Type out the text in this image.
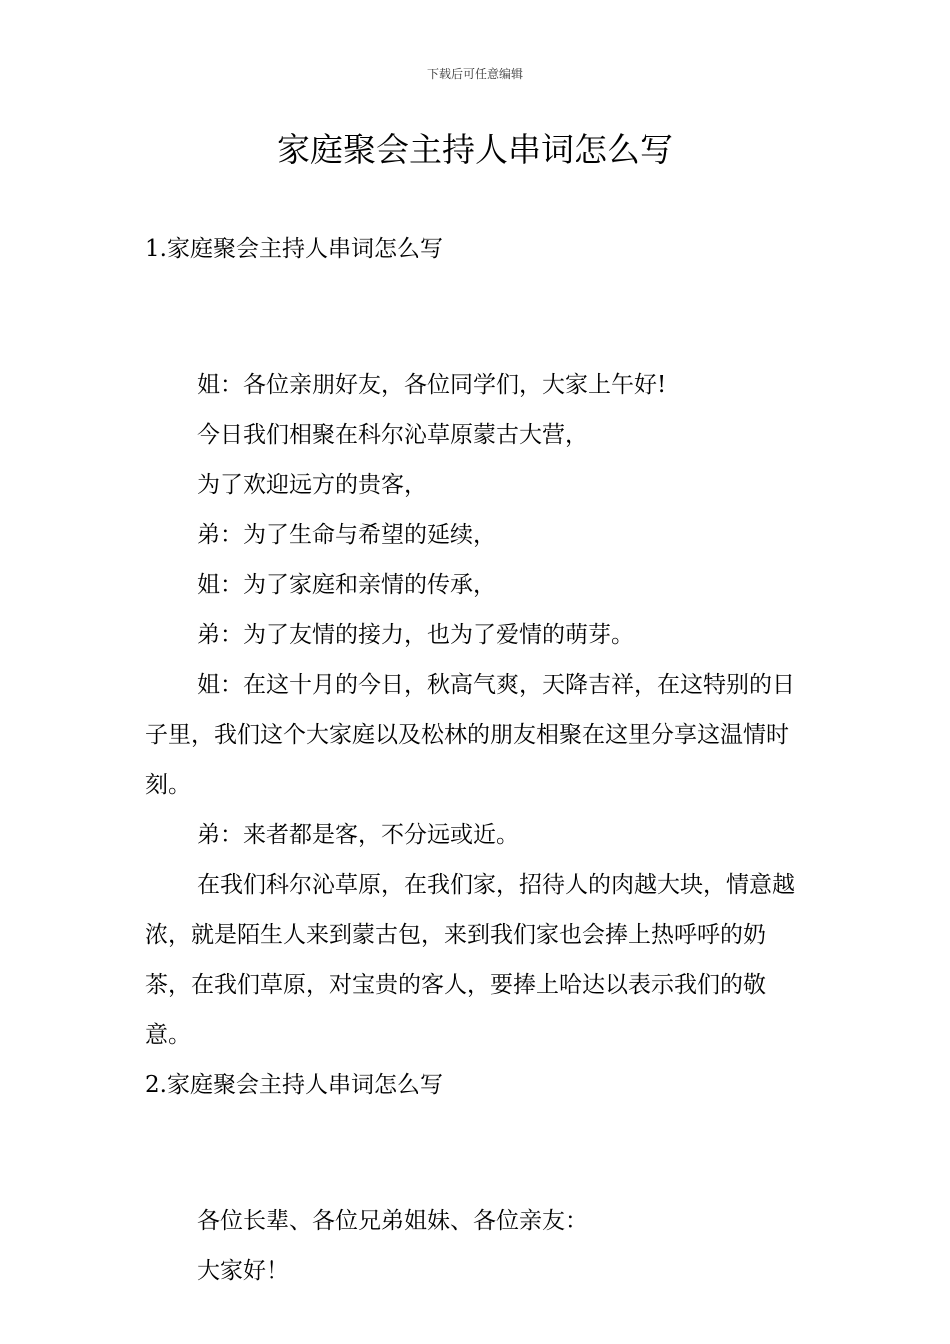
下载后可任意编辑
家庭聚会主持人串词怎么写

1.家庭聚会主持人串词怎么写

姐：各位亲朋好友，各位同学们，大家上午好!

今日我们相聚在科尔沁草原蒙古大营，

为了欢迎远方的贵客，

弟：为了生命与希望的延续，

姐：为了家庭和亲情的传承，

弟：为了友情的接力，也为了爱情的萌芽。

姐：在这十月的今日，秋高气爽，天降吉祥，在这特别的日子里，我们这个大家庭以及松林的朋友相聚在这里分享这温情时刻。

弟：来者都是客，不分远或近。

在我们科尔沁草原，在我们家，招待人的肉越大块，情意越浓，就是陌生人来到蒙古包，来到我们家也会捧上热呼呼的奶茶，在我们草原，对宝贵的客人，要捧上哈达以表示我们的敬意。

2.家庭聚会主持人串词怎么写

各位长辈、各位兄弟姐妹、各位亲友：

大家好！
